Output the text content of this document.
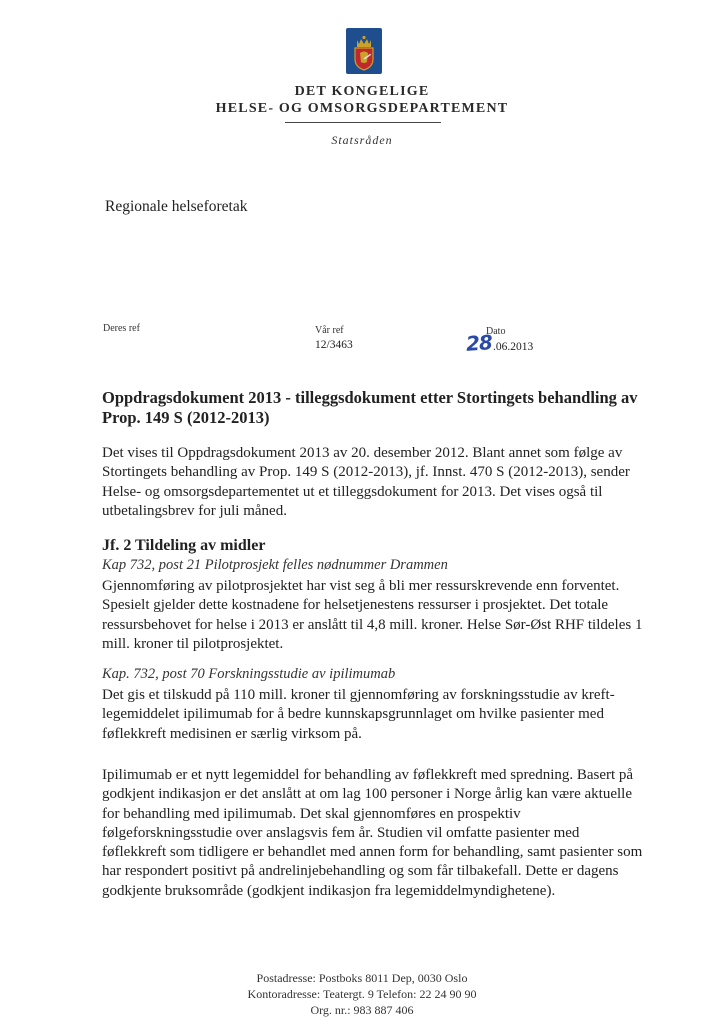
DET KONGELIGE
HELSE- OG OMSORGSDEPARTEMENT
Statsråden
Regionale helseforetak
Deres ref	Vår ref
12/3463
Dato
28 .06.2013
Oppdragsdokument 2013 - tilleggsdokument etter Stortingets behandling av Prop. 149 S (2012-2013)

Det vises til Oppdragsdokument 2013 av 20. desember 2012. Blant annet som følge av Stortingets behandling av Prop. 149 S (2012-2013), jf. Innst. 470 S (2012-2013), sender Helse- og omsorgsdepartementet ut et tilleggsdokument for 2013. Det vises også til utbetalingsbrev for juli måned.

Jf. 2 Tildeling av midler
Kap 732, post 21 Pilotprosjekt felles nødnummer Drammen

Gjennomføring av pilotprosjektet har vist seg å bli mer ressurskrevende enn forventet. Spesielt gjelder dette kostnadene for helsetjenestens ressurser i prosjektet. Det totale ressursbehovet for helse i 2013 er anslått til 4,8 mill. kroner. Helse Sør-Øst RHF tildeles 1 mill. kroner til pilotprosjektet.

Kap. 732, post 70 Forskningsstudie av ipilimumab

Det gis et tilskudd på 110 mill. kroner til gjennomføring av forskningsstudie av kreft-legemiddelet ipilimumab for å bedre kunnskapsgrunnlaget om hvilke pasienter med føflekkreft medisinen er særlig virksom på.

Ipilimumab er et nytt legemiddel for behandling av føflekkreft med spredning. Basert på godkjent indikasjon er det anslått at om lag 100 personer i Norge årlig kan være aktuelle for behandling med ipilimumab. Det skal gjennomføres en prospektiv følgeforskningsstudie over anslagsvis fem år. Studien vil omfatte pasienter med føflekkreft som tidligere er behandlet med annen form for behandling, samt pasienter som har respondert positivt på andrelinjebehandling og som får tilbakefall. Dette er dagens godkjente bruksområde (godkjent indikasjon fra legemiddelmyndighetene).

Postadresse: Postboks 8011 Dep, 0030 Oslo
Kontoradresse: Teatergt. 9 Telefon: 22 24 90 90
Org. nr.: 983 887 406
